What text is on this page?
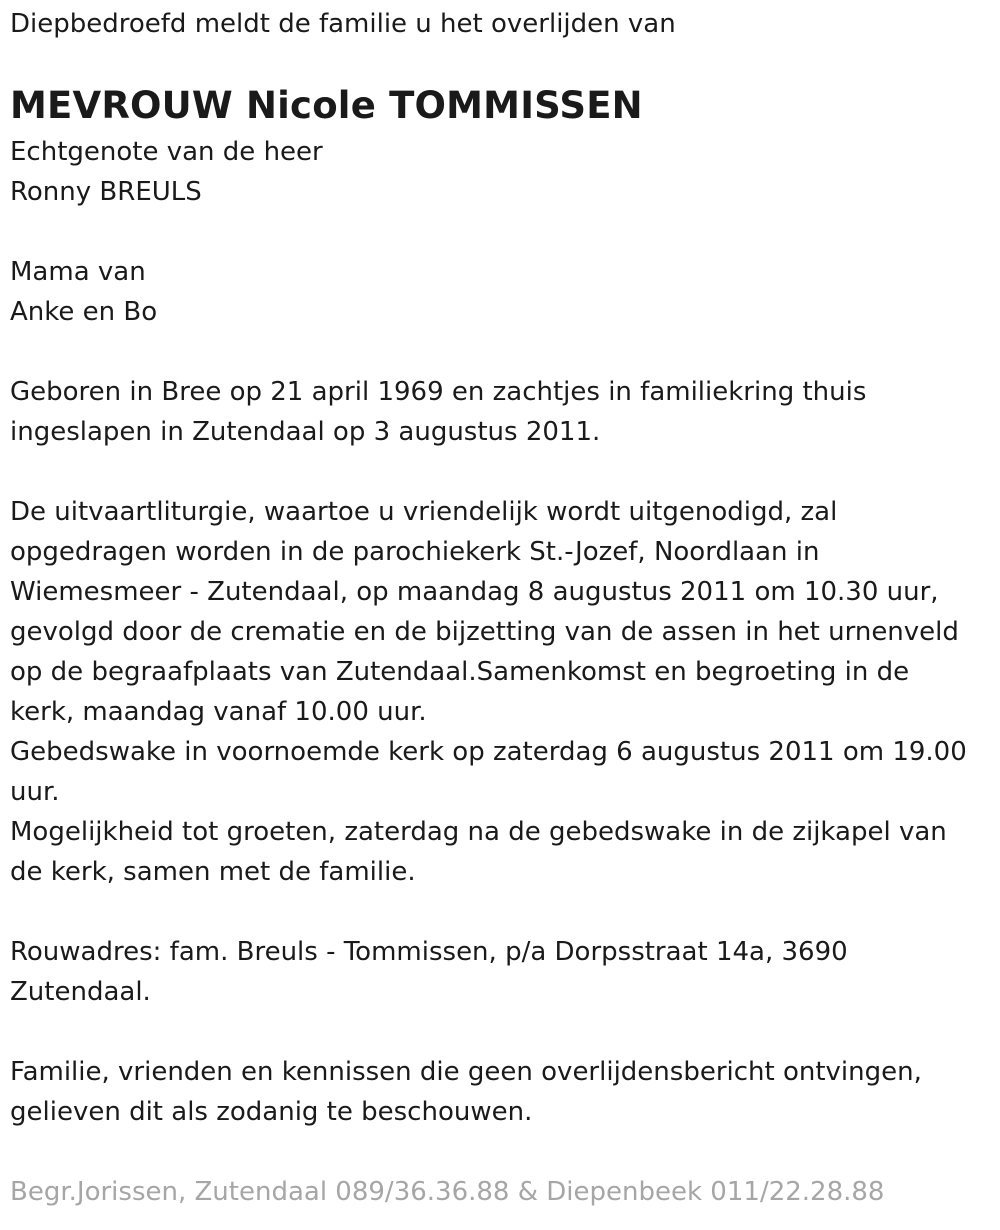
Diepbedroefd meldt de familie u het overlijden van
MEVROUW Nicole TOMMISSEN
Echtgenote van de heer
Ronny BREULS
Mama van
Anke en Bo
Geboren in Bree op 21 april 1969 en zachtjes in familiekring thuis
ingeslapen in Zutendaal op 3 augustus 2011.
De uitvaartliturgie, waartoe u vriendelijk wordt uitgenodigd, zal
opgedragen worden in de parochiekerk St.-Jozef, Noordlaan in
Wiemesmeer - Zutendaal, op maandag 8 augustus 2011 om 10.30 uur,
gevolgd door de crematie en de bijzetting van de assen in het urnenveld
op de begraafplaats van Zutendaal.Samenkomst en begroeting in de
kerk, maandag vanaf 10.00 uur.
Gebedswake in voornoemde kerk op zaterdag 6 augustus 2011 om 19.00
uur.
Mogelijkheid tot groeten, zaterdag na de gebedswake in de zijkapel van
de kerk, samen met de familie.
Rouwadres: fam. Breuls - Tommissen, p/a Dorpsstraat 14a, 3690
Zutendaal.
Familie, vrienden en kennissen die geen overlijdensbericht ontvingen,
gelieven dit als zodanig te beschouwen.
Begr.Jorissen, Zutendaal 089/36.36.88 & Diepenbeek 011/22.28.88
